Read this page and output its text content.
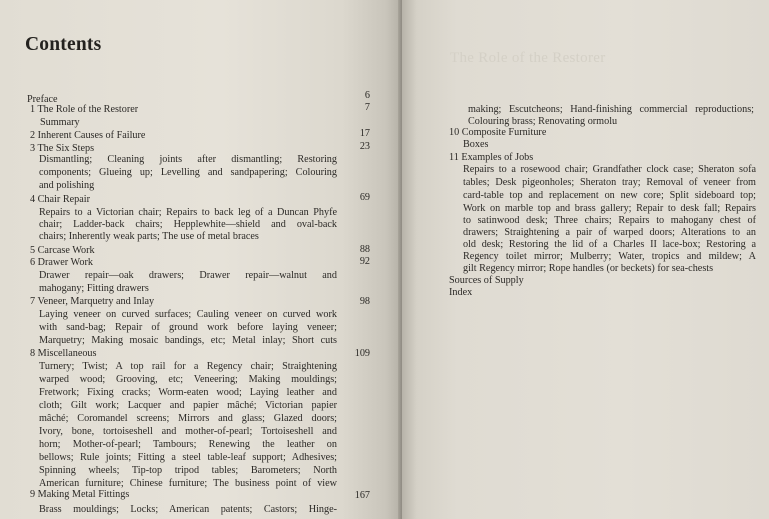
Contents
Preface	6
1 The Role of the Restorer	7
Summary
2 Inherent Causes of Failure	17
3 The Six Steps	23
Dismantling; Cleaning joints after dismantling; Restoring
components; Glueing up; Levelling and sandpapering; Colouring
and polishing
4 Chair Repair	69
Repairs to a Victorian chair; Repairs to back leg of a Duncan Phyfe
chair; Ladder-back chairs; Hepplewhite—shield and oval-back
chairs; Inherently weak parts; The use of metal braces
5 Carcase Work	88
6 Drawer Work	92
Drawer repair—oak drawers; Drawer repair—walnut and
mahogany; Fitting drawers
7 Veneer, Marquetry and Inlay	98
Laying veneer on curved surfaces; Cauling veneer on curved work
with sand-bag; Repair of ground work before laying veneer;
Marquetry; Making mosaic bandings, etc; Metal inlay; Short cuts
8 Miscellaneous	109
Turnery; Twist; A top rail for a Regency chair; Straightening
warped wood; Grooving, etc; Veneering; Making mouldings;
Fretwork; Fixing cracks; Worm-eaten wood; Laying leather and
cloth; Gilt work; Lacquer and papier mâché; Victorian papier
mâché; Coromandel screens; Mirrors and glass; Glazed doors;
Ivory, bone, tortoiseshell and mother-of-pearl; Tortoiseshell and
horn; Mother-of-pearl; Tambours; Renewing the leather on
bellows; Rule joints; Fitting a steel table-leaf support; Adhesives;
Spinning wheels; Tip-top tripod tables; Barometers; North
American furniture; Chinese furniture; The business point of view
9 Making Metal Fittings	167
Brass mouldings; Locks; American patents; Castors; Hinge-
The Role of the Restorer
making; Escutcheons; Hand-finishing commercial reproductions;
Colouring brass; Renovating ormolu
10 Composite Furniture
Boxes
11 Examples of Jobs
Repairs to a rosewood chair; Grandfather clock case; Sheraton sofa
tables; Desk pigeonholes; Sheraton tray; Removal of veneer from
card-table top and replacement on new core; Split sideboard top;
Work on marble top and brass gallery; Repair to desk fall; Repairs
to satinwood desk; Three chairs; Repairs to mahogany chest of
drawers; Straightening a pair of warped doors; Alterations to an
old desk; Restoring the lid of a Charles II lace-box; Restoring a
Regency toilet mirror; Mulberry; Water, tropics and mildew; A
gilt Regency mirror; Rope handles (or beckets) for sea-chests
Sources of Supply
Index
